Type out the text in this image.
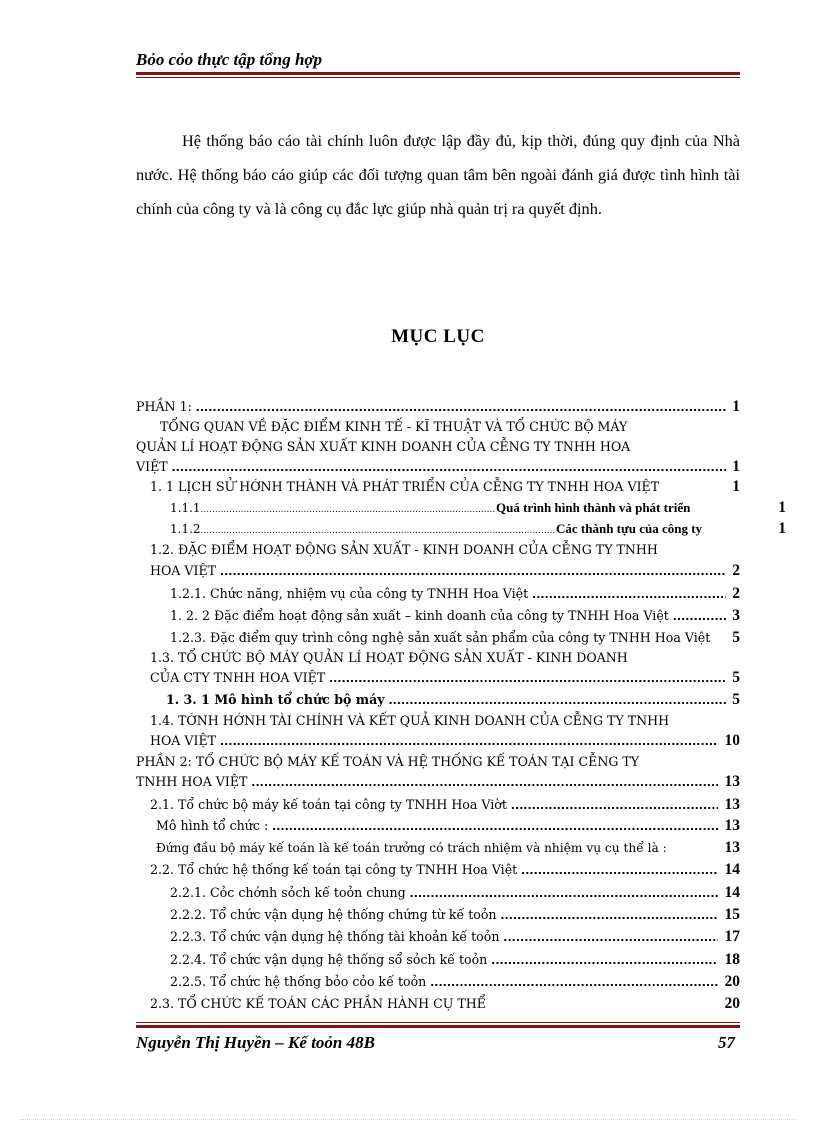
Bỏo cỏo thực tập tổng hợp

Hệ thống báo cáo tài chính luôn được lập đầy đủ, kịp thời, đúng quy định của Nhà nước. Hệ thống báo cáo giúp các đối tượng quan tâm bên ngoài đánh giá được tình hình tài chính của công ty và là công cụ đắc lực giúp nhà quản trị ra quyết định.

MỤC LỤC
PHẦN 1: .....	1
TỔNG QUAN VỀ ĐẶC ĐIỂM KINH TẾ - KĨ THUẬT VÀ TỔ CHỨC BỘ MÁY
QUẢN LÍ HOẠT ĐỘNG SẢN XUẤT KINH DOANH CỦA CỄNG TY TNHH HOA
VIỆT .....	1
1. 1 LỊCH SỬ HỚNH THÀNH VÀ PHÁT TRIỂN CỦA CỄNG TY TNHH HOA VIỆT	1
1.1.1 .....	Quá trình hình thành và phát triển	1
1.1.2 .....	Các thành tựu của công ty	1
1.2. ĐẶC ĐIỂM HOẠT ĐỘNG SẢN XUẤT - KINH DOANH CỦA CỄNG TY TNHH
HOA VIỆT .....	2
1.2.1. Chức năng, nhiệm vụ của công ty TNHH Hoa Việt .....	2
1. 2. 2 Đặc điểm hoạt động sản xuất – kinh doanh của công ty TNHH Hoa Việt .....	3
1.2.3. Đặc điểm quy trình công nghệ sản xuất sản phẩm của công ty TNHH Hoa Việt	5
1.3. TỔ CHỨC BỘ MÁY QUẢN LÍ HOẠT ĐỘNG SẢN XUẤT - KINH DOANH
CỦA CTY TNHH HOA VIỆT .....	5
1. 3. 1 Mô hình tổ chức bộ máy .....	5
1.4. TỚNH HỚNH TÀI CHÍNH VÀ KẾT QUẢ KINH DOANH CỦA CỄNG TY TNHH
HOA VIỆT .....	10
PHẦN 2: TỔ CHỨC BỘ MÁY KẾ TOÁN VÀ HỆ THỐNG KẾ TOÁN TẠI CỄNG TY
TNHH HOA VIỆT .....	13
2.1. Tổ chức bộ máy kế toán tại công ty TNHH Hoa Viờt .....	13
Mô hình tổ chức : .....	13
Đứng đầu bộ máy kế toán là kế toán trưởng có trách nhiệm và nhiệm vụ cụ thể là :	13
2.2. Tổ chức hệ thống kế toán tại công ty TNHH Hoa Việt .....	14
2.2.1. Cỏc chớnh sỏch kế toỏn chung .....	14
2.2.2. Tổ chức vận dụng hệ thống chứng từ kế toỏn .....	15
2.2.3. Tổ chức vận dụng hệ thống tài khoản kế toỏn .....	17
2.2.4. Tổ chức vận dụng hệ thống sổ sỏch kế toỏn .....	18
2.2.5. Tổ chức hệ thống bỏo cỏo kế toỏn .....	20
2.3. TỔ CHỨC KẾ TOÁN CÁC PHẦN HÀNH CỤ THỂ	20
Nguyễn Thị Huyền – Kế toỏn 48B	57
